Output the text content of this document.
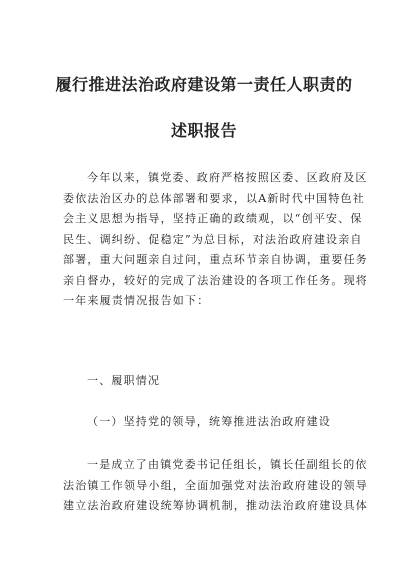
履行推进法治政府建设第一责任人职责的
述职报告
今年以来，镇党委、政府严格按照区委、区政府及区
委依法治区办的总体部署和要求，以A新时代中国特色社
会主义思想为指导，坚持正确的政绩观，以“创平安、保
民生、调纠纷、促稳定”为总目标，对法治政府建设亲自
部署，重大问题亲自过问，重点环节亲自协调，重要任务
亲自督办，较好的完成了法治建设的各项工作任务。现将
一年来履责情况报告如下：
一、履职情况
（一）坚持党的领导，统筹推进法治政府建设
一是成立了由镇党委书记任组长，镇长任副组长的依
法治镇工作领导小组，全面加强党对法治政府建设的领导
建立法治政府建设统筹协调机制，推动法治政府建设具体
